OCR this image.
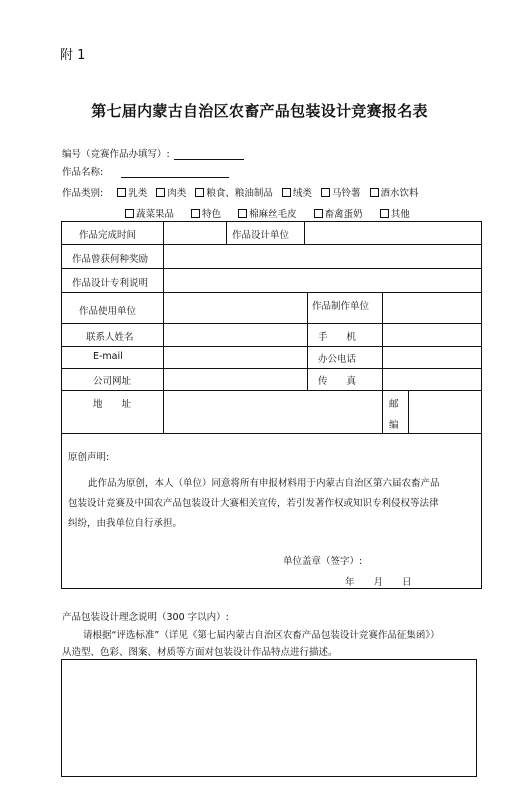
附 1
第七届内蒙古自治区农畜产品包装设计竞赛报名表
编号（竞赛作品办填写）:
作品名称:
作品类别:	乳类 肉类 粮食、粮油制品 绒类 马铃薯 酒水饮料
蔬菜果品	特色	棉麻丝毛皮	畜禽蛋奶	其他
作品完成时间	作品设计单位
作品曾获何种奖励
作品设计专利说明
作品使用单位	作品制作单位
联系人姓名	手　　机
E-mail	办公电话
公司网址	传　　真
地　　址	邮
编
原创声明:
此作品为原创，本人（单位）同意将所有申报材料用于内蒙古自治区第六届农畜产品
包装设计竞赛及中国农产品包装设计大赛相关宣传，若引发著作权或知识专利侵权等法律
纠纷，由我单位自行承担。
单位盖章（签字）:
年　　月　　日
产品包装设计理念说明（300 字以内）:
请根据“评选标准”（详见《第七届内蒙古自治区农畜产品包装设计竞赛作品征集函》）
从造型、色彩、图案、材质等方面对包装设计作品特点进行描述。
